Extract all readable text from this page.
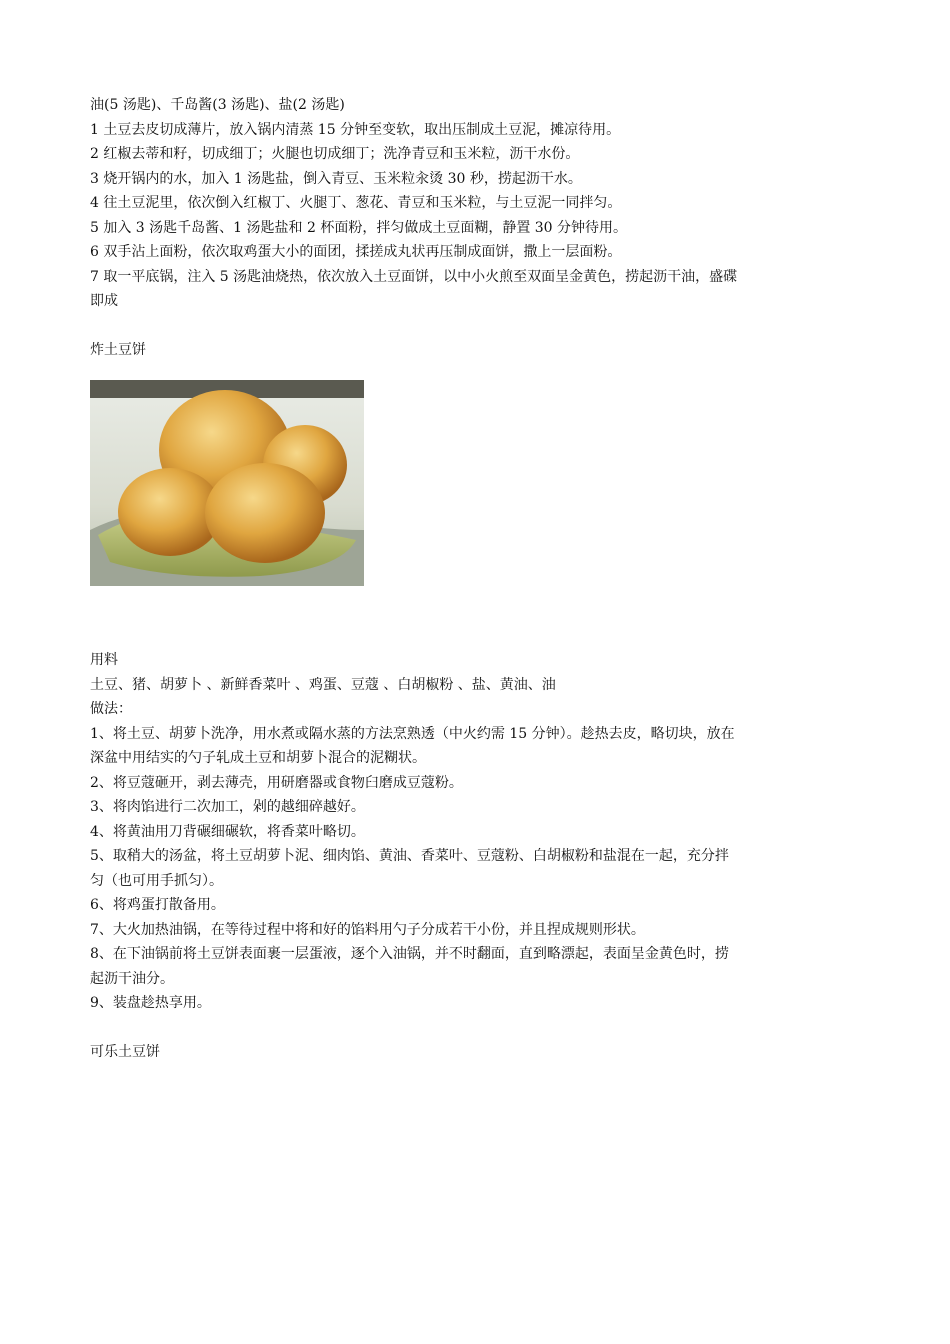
油(5 汤匙)、千岛酱(3 汤匙)、盐(2 汤匙)
1 土豆去皮切成薄片，放入锅内清蒸 15 分钟至变软，取出压制成土豆泥，摊凉待用。
2 红椒去蒂和籽，切成细丁；火腿也切成细丁；洗净青豆和玉米粒，沥干水份。
3 烧开锅内的水，加入 1 汤匙盐，倒入青豆、玉米粒汆烫 30 秒，捞起沥干水。
4 往土豆泥里，依次倒入红椒丁、火腿丁、葱花、青豆和玉米粒，与土豆泥一同拌匀。
5 加入 3 汤匙千岛酱、1 汤匙盐和 2 杯面粉，拌匀做成土豆面糊，静置 30 分钟待用。
6 双手沾上面粉，依次取鸡蛋大小的面团，揉搓成丸状再压制成面饼，撒上一层面粉。
7 取一平底锅，注入 5 汤匙油烧热，依次放入土豆面饼，以中小火煎至双面呈金黄色，捞起沥干油，盛碟
即成
炸土豆饼
用料
土豆、猪、胡萝卜 、新鲜香菜叶 、鸡蛋、豆蔻 、白胡椒粉 、盐、黄油、油
做法：
1、将土豆、胡萝卜洗净，用水煮或隔水蒸的方法烹熟透（中火约需 15 分钟）。趁热去皮，略切块，放在
深盆中用结实的勺子轧成土豆和胡萝卜混合的泥糊状。
2、将豆蔻砸开，剥去薄壳，用研磨器或食物臼磨成豆蔻粉。
3、将肉馅进行二次加工，剁的越细碎越好。
4、将黄油用刀背碾细碾软，将香菜叶略切。
5、取稍大的汤盆，将土豆胡萝卜泥、细肉馅、黄油、香菜叶、豆蔻粉、白胡椒粉和盐混在一起，充分拌
匀（也可用手抓匀）。
6、将鸡蛋打散备用。
7、大火加热油锅，在等待过程中将和好的馅料用勺子分成若干小份，并且捏成规则形状。
8、在下油锅前将土豆饼表面裹一层蛋液，逐个入油锅，并不时翻面，直到略漂起，表面呈金黄色时，捞
起沥干油分。
9、装盘趁热享用。
可乐土豆饼
